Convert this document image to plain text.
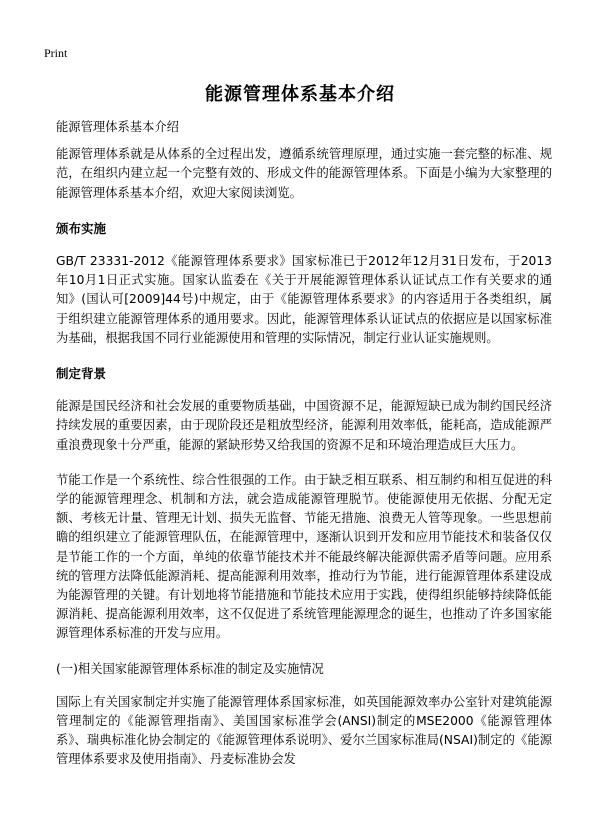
Print
能源管理体系基本介绍

能源管理体系基本介绍

能源管理体系就是从体系的全过程出发，遵循系统管理原理，通过实施一套完整的标准、规范，在组织内建立起一个完整有效的、形成文件的能源管理体系。下面是小编为大家整理的能源管理体系基本介绍，欢迎大家阅读浏览。

颁布实施

GB/T 23331-2012《能源管理体系要求》国家标准已于2012年12月31日发布，于2013年10月1日正式实施。国家认监委在《关于开展能源管理体系认证试点工作有关要求的通知》(国认可[2009]44号)中规定，由于《能源管理体系要求》的内容适用于各类组织，属于组织建立能源管理体系的通用要求。因此，能源管理体系认证试点的依据应是以国家标准为基础，根据我国不同行业能源使用和管理的实际情况，制定行业认证实施规则。

制定背景

能源是国民经济和社会发展的重要物质基础，中国资源不足，能源短缺已成为制约国民经济持续发展的重要因素，由于现阶段还是粗放型经济，能源利用效率低，能耗高，造成能源严重浪费现象十分严重，能源的紧缺形势又给我国的资源不足和环境治理造成巨大压力。

节能工作是一个系统性、综合性很强的工作。由于缺乏相互联系、相互制约和相互促进的科学的能源管理理念、机制和方法，就会造成能源管理脱节。使能源使用无依据、分配无定额、考核无计量、管理无计划、损失无监督、节能无措施、浪费无人管等现象。一些思想前瞻的组织建立了能源管理队伍，在能源管理中，逐渐认识到开发和应用节能技术和装备仅仅是节能工作的一个方面，单纯的依靠节能技术并不能最终解决能源供需矛盾等问题。应用系统的管理方法降低能源消耗、提高能源利用效率，推动行为节能，进行能源管理体系建设成为能源管理的关键。有计划地将节能措施和节能技术应用于实践，使得组织能够持续降低能源消耗、提高能源利用效率，这不仅促进了系统管理能源理念的诞生，也推动了许多国家能源管理体系标准的开发与应用。

(一)相关国家能源管理体系标准的制定及实施情况

国际上有关国家制定并实施了能源管理体系国家标准，如英国能源效率办公室针对建筑能源管理制定的《能源管理指南》、美国国家标准学会(ANSI)制定的MSE2000《能源管理体系》、瑞典标准化协会制定的《能源管理体系说明》、爱尔兰国家标准局(NSAI)制定的《能源管理体系要求及使用指南》、丹麦标准协会发
